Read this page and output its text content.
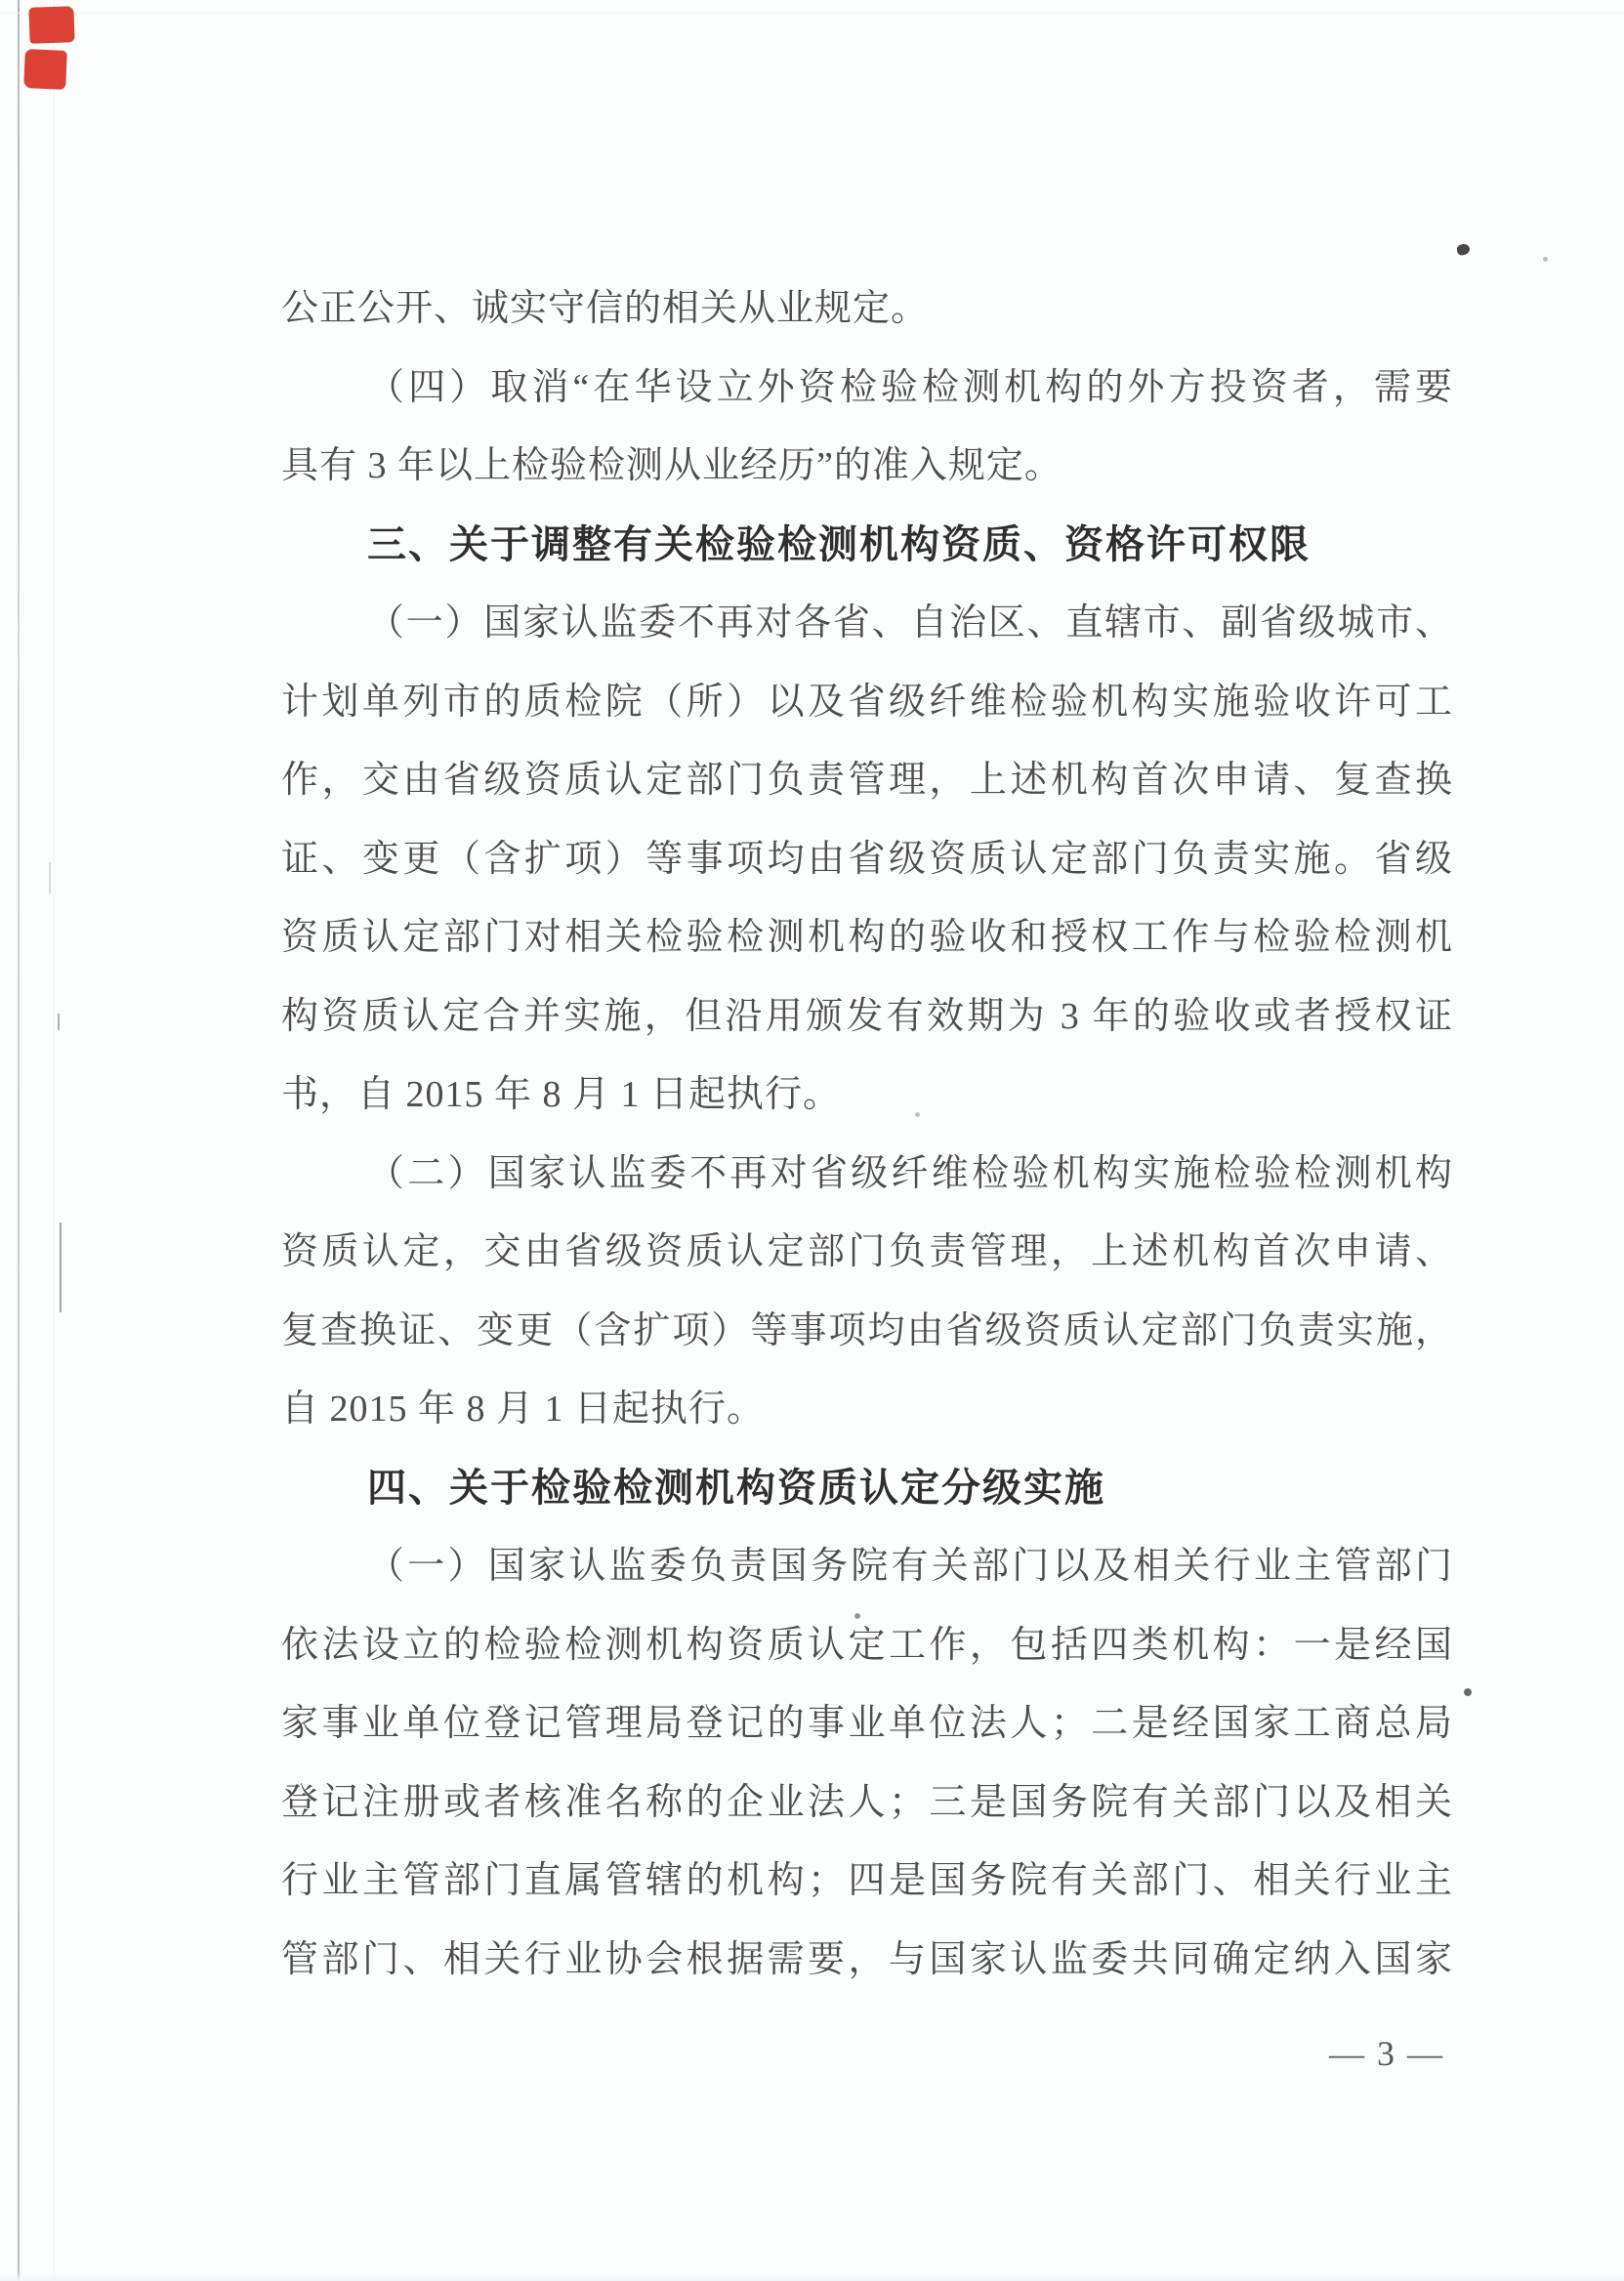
公正公开、诚实守信的相关从业规定。
（四）取消“在华设立外资检验检测机构的外方投资者，需要
具有 3 年以上检验检测从业经历”的准入规定。
三、关于调整有关检验检测机构资质、资格许可权限
（一）国家认监委不再对各省、自治区、直辖市、副省级城市、
计划单列市的质检院（所）以及省级纤维检验机构实施验收许可工
作，交由省级资质认定部门负责管理，上述机构首次申请、复查换
证、变更（含扩项）等事项均由省级资质认定部门负责实施。省级
资质认定部门对相关检验检测机构的验收和授权工作与检验检测机
构资质认定合并实施，但沿用颁发有效期为 3 年的验收或者授权证
书，自 2015 年 8 月 1 日起执行。
（二）国家认监委不再对省级纤维检验机构实施检验检测机构
资质认定，交由省级资质认定部门负责管理，上述机构首次申请、
复查换证、变更（含扩项）等事项均由省级资质认定部门负责实施，
自 2015 年 8 月 1 日起执行。
四、关于检验检测机构资质认定分级实施
（一）国家认监委负责国务院有关部门以及相关行业主管部门
依法设立的检验检测机构资质认定工作，包括四类机构：一是经国
家事业单位登记管理局登记的事业单位法人；二是经国家工商总局
登记注册或者核准名称的企业法人；三是国务院有关部门以及相关
行业主管部门直属管辖的机构；四是国务院有关部门、相关行业主
管部门、相关行业协会根据需要，与国家认监委共同确定纳入国家
— 3 —
